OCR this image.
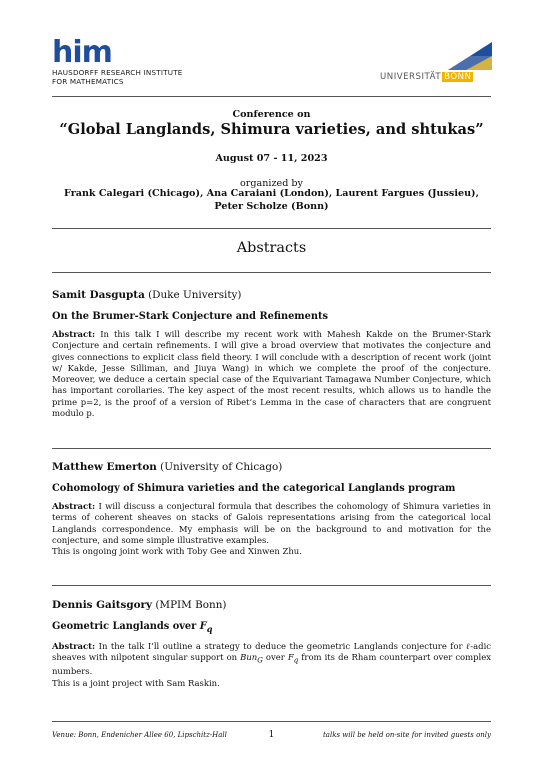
him
HAUSDORFF RESEARCH INSTITUTE
FOR MATHEMATICS	UNIVERSITÄT BONN
Conference on
“Global Langlands, Shimura varieties, and shtukas”
August 07 - 11, 2023
organized by
Frank Calegari (Chicago), Ana Caraiani (London), Laurent Fargues (Jussieu),
Peter Scholze (Bonn)
Abstracts
Samit Dasgupta (Duke University)
On the Brumer-Stark Conjecture and Refinements
Abstract: In this talk I will describe my recent work with Mahesh Kakde on the Brumer-Stark Conjecture and certain refinements. I will give a broad overview that motivates the conjecture and gives connections to explicit class field theory. I will conclude with a description of recent work (joint w/ Kakde, Jesse Silliman, and Jiuya Wang) in which we complete the proof of the conjecture. Moreover, we deduce a certain special case of the Equivariant Tamagawa Number Conjecture, which has important corollaries. The key aspect of the most recent results, which allows us to handle the prime p=2, is the proof of a version of Ribet’s Lemma in the case of characters that are congruent modulo p.
Matthew Emerton (University of Chicago)
Cohomology of Shimura varieties and the categorical Langlands program
Abstract: I will discuss a conjectural formula that describes the cohomology of Shimura varieties in terms of coherent sheaves on stacks of Galois representations arising from the categorical local Langlands correspondence. My emphasis will be on the background to and motivation for the conjecture, and some simple illustrative examples.

This is ongoing joint work with Toby Gee and Xinwen Zhu.

Dennis Gaitsgory (MPIM Bonn)
Geometric Langlands over $F_q$
Abstract: In the talk I’ll outline a strategy to deduce the geometric Langlands conjecture for ℓ-adic sheaves with nilpotent singular support on Bun$_G$ over $F_q$ from its de Rham counterpart over complex numbers.

This is a joint project with Sam Raskin.

Venue: Bonn, Endenicher Allee 60, Lipschitz-Hall	1	talks will be held on-site for invited guests only
